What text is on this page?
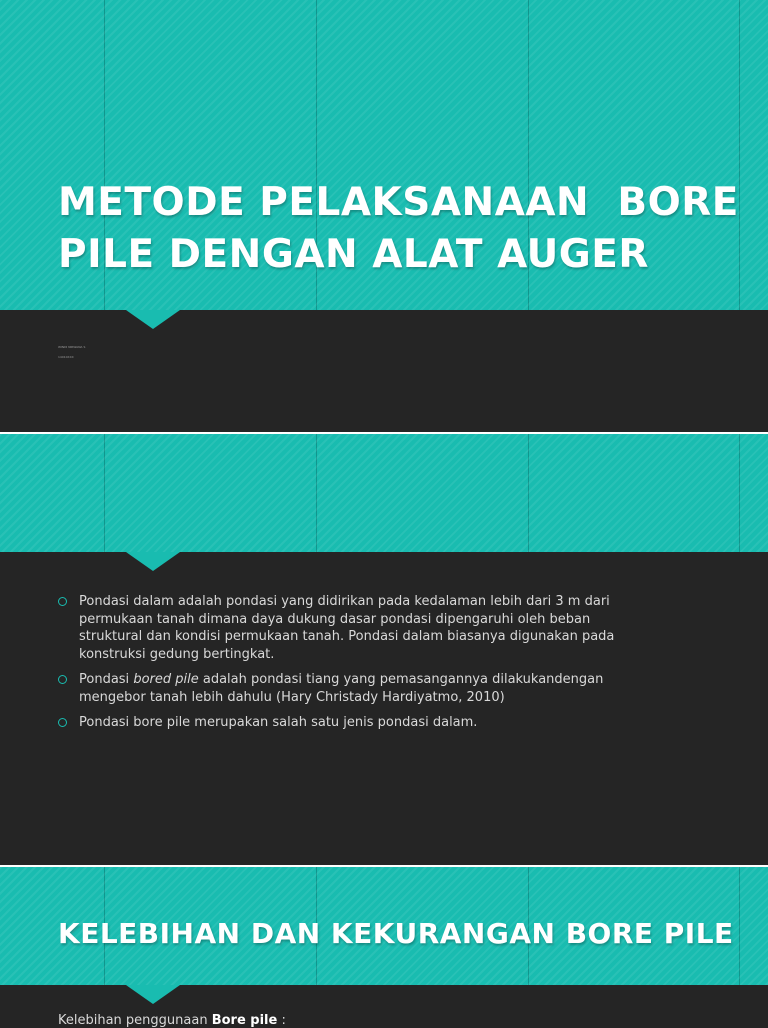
METODE PELAKSANAAN  BORE
PILE DENGAN ALAT AUGER

WINDI NIRWANA S

14010XXX

Pondasi dalam adalah pondasi yang didirikan pada kedalaman lebih dari 3 m dari
permukaan tanah dimana daya dukung dasar pondasi dipengaruhi oleh beban
struktural dan kondisi permukaan tanah. Pondasi dalam biasanya digunakan pada
konstruksi gedung bertingkat.
Pondasi bored pile adalah pondasi tiang yang pemasangannya dilakukandengan
mengebor tanah lebih dahulu (Hary Christady Hardiyatmo, 2010)
Pondasi bore pile merupakan salah satu jenis pondasi dalam.
KELEBIHAN DAN KEKURANGAN BORE PILE

Kelebihan penggunaan Bore pile :
